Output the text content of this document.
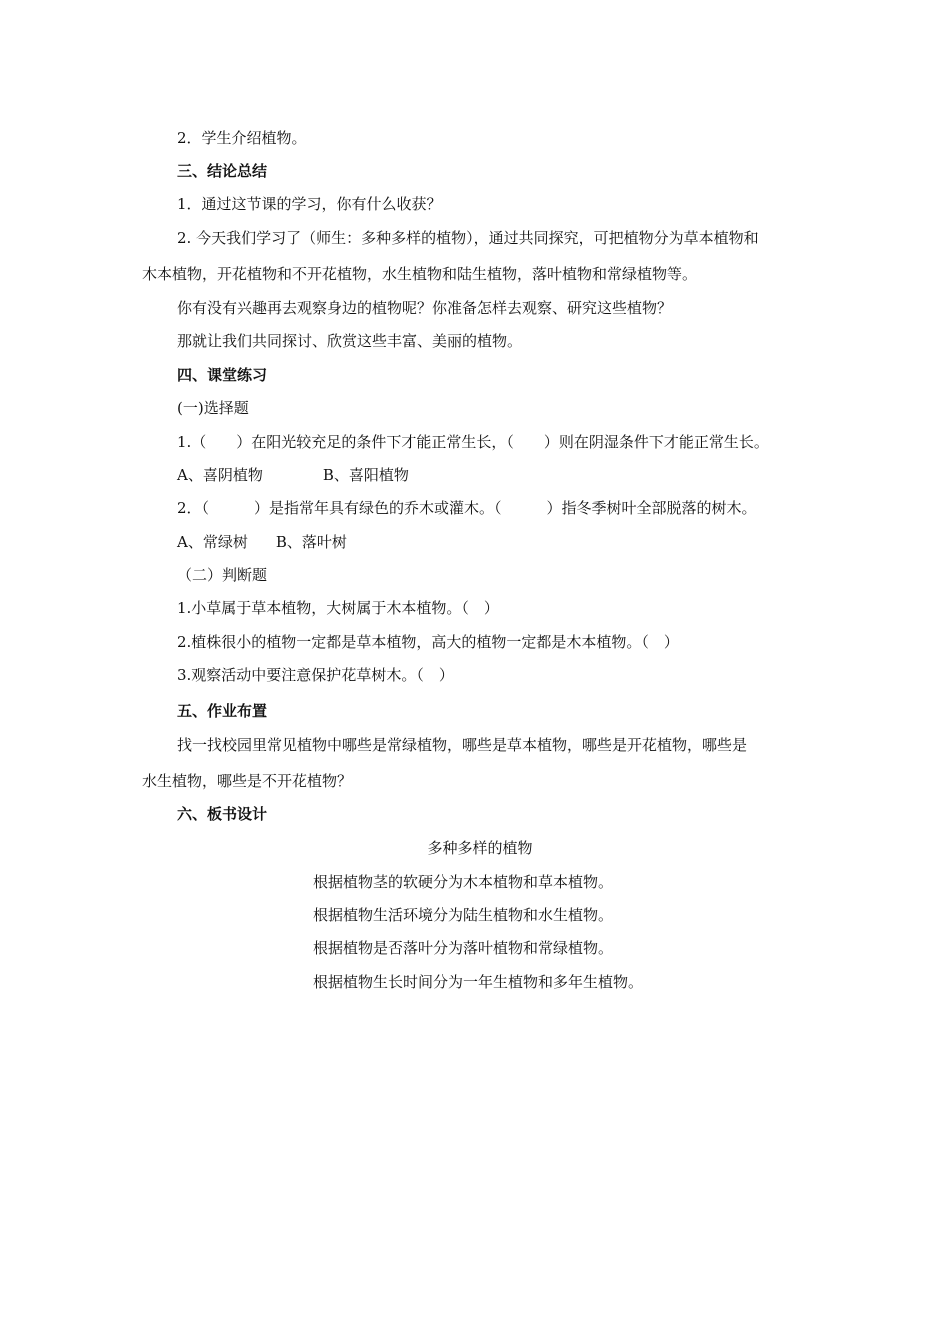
2．学生介绍植物。
三、结论总结
1．通过这节课的学习，你有什么收获？
2. 今天我们学习了（师生：多种多样的植物），通过共同探究，可把植物分为草本植物和
木本植物，开花植物和不开花植物，水生植物和陆生植物，落叶植物和常绿植物等。
你有没有兴趣再去观察身边的植物呢？你准备怎样去观察、研究这些植物？
那就让我们共同探讨、欣赏这些丰富、美丽的植物。
四、课堂练习
(一)选择题
1.（　　）在阳光较充足的条件下才能正常生长，（　　）则在阴湿条件下才能正常生长。
A、喜阴植物	B、喜阳植物
2．（　　　）是指常年具有绿色的乔木或灌木。（　　　）指冬季树叶全部脱落的树木。
A、常绿树 B、落叶树
（二）判断题
1.小草属于草本植物，大树属于木本植物。（　）
2.植株很小的植物一定都是草本植物，高大的植物一定都是木本植物。（　）
3.观察活动中要注意保护花草树木。（　）
五、作业布置
找一找校园里常见植物中哪些是常绿植物，哪些是草本植物，哪些是开花植物，哪些是
水生植物，哪些是不开花植物？
六、板书设计
多种多样的植物
根据植物茎的软硬分为木本植物和草本植物。
根据植物生活环境分为陆生植物和水生植物。
根据植物是否落叶分为落叶植物和常绿植物。
根据植物生长时间分为一年生植物和多年生植物。
